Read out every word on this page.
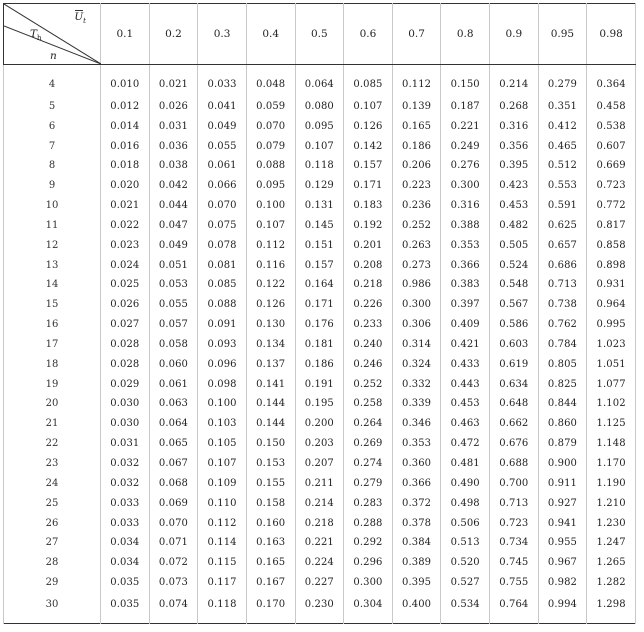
$U_t$
$T_h$
n	0.1	0.2	0.3	0.4	0.5	0.6	0.7	0.8	0.9	0.95	0.98
4	0.010	0.021	0.033	0.048	0.064	0.085	0.112	0.150	0.214	0.279	0.364
5	0.012	0.026	0.041	0.059	0.080	0.107	0.139	0.187	0.268	0.351	0.458
6	0.014	0.031	0.049	0.070	0.095	0.126	0.165	0.221	0.316	0.412	0.538
7	0.016	0.036	0.055	0.079	0.107	0.142	0.186	0.249	0.356	0.465	0.607
8	0.018	0.038	0.061	0.088	0.118	0.157	0.206	0.276	0.395	0.512	0.669
9	0.020	0.042	0.066	0.095	0.129	0.171	0.223	0.300	0.423	0.553	0.723
10	0.021	0.044	0.070	0.100	0.131	0.183	0.236	0.316	0.453	0.591	0.772
11	0.022	0.047	0.075	0.107	0.145	0.192	0.252	0.388	0.482	0.625	0.817
12	0.023	0.049	0.078	0.112	0.151	0.201	0.263	0.353	0.505	0.657	0.858
13	0.024	0.051	0.081	0.116	0.157	0.208	0.273	0.366	0.524	0.686	0.898
14	0.025	0.053	0.085	0.122	0.164	0.218	0.986	0.383	0.548	0.713	0.931
15	0.026	0.055	0.088	0.126	0.171	0.226	0.300	0.397	0.567	0.738	0.964
16	0.027	0.057	0.091	0.130	0.176	0.233	0.306	0.409	0.586	0.762	0.995
17	0.028	0.058	0.093	0.134	0.181	0.240	0.314	0.421	0.603	0.784	1.023
18	0.028	0.060	0.096	0.137	0.186	0.246	0.324	0.433	0.619	0.805	1.051
19	0.029	0.061	0.098	0.141	0.191	0.252	0.332	0.443	0.634	0.825	1.077
20	0.030	0.063	0.100	0.144	0.195	0.258	0.339	0.453	0.648	0.844	1.102
21	0.030	0.064	0.103	0.144	0.200	0.264	0.346	0.463	0.662	0.860	1.125
22	0.031	0.065	0.105	0.150	0.203	0.269	0.353	0.472	0.676	0.879	1.148
23	0.032	0.067	0.107	0.153	0.207	0.274	0.360	0.481	0.688	0.900	1.170
24	0.032	0.068	0.109	0.155	0.211	0.279	0.366	0.490	0.700	0.911	1.190
25	0.033	0.069	0.110	0.158	0.214	0.283	0.372	0.498	0.713	0.927	1.210
26	0.033	0.070	0.112	0.160	0.218	0.288	0.378	0.506	0.723	0.941	1.230
27	0.034	0.071	0.114	0.163	0.221	0.292	0.384	0.513	0.734	0.955	1.247
28	0.034	0.072	0.115	0.165	0.224	0.296	0.389	0.520	0.745	0.967	1.265
29	0.035	0.073	0.117	0.167	0.227	0.300	0.395	0.527	0.755	0.982	1.282
30	0.035	0.074	0.118	0.170	0.230	0.304	0.400	0.534	0.764	0.994	1.298
